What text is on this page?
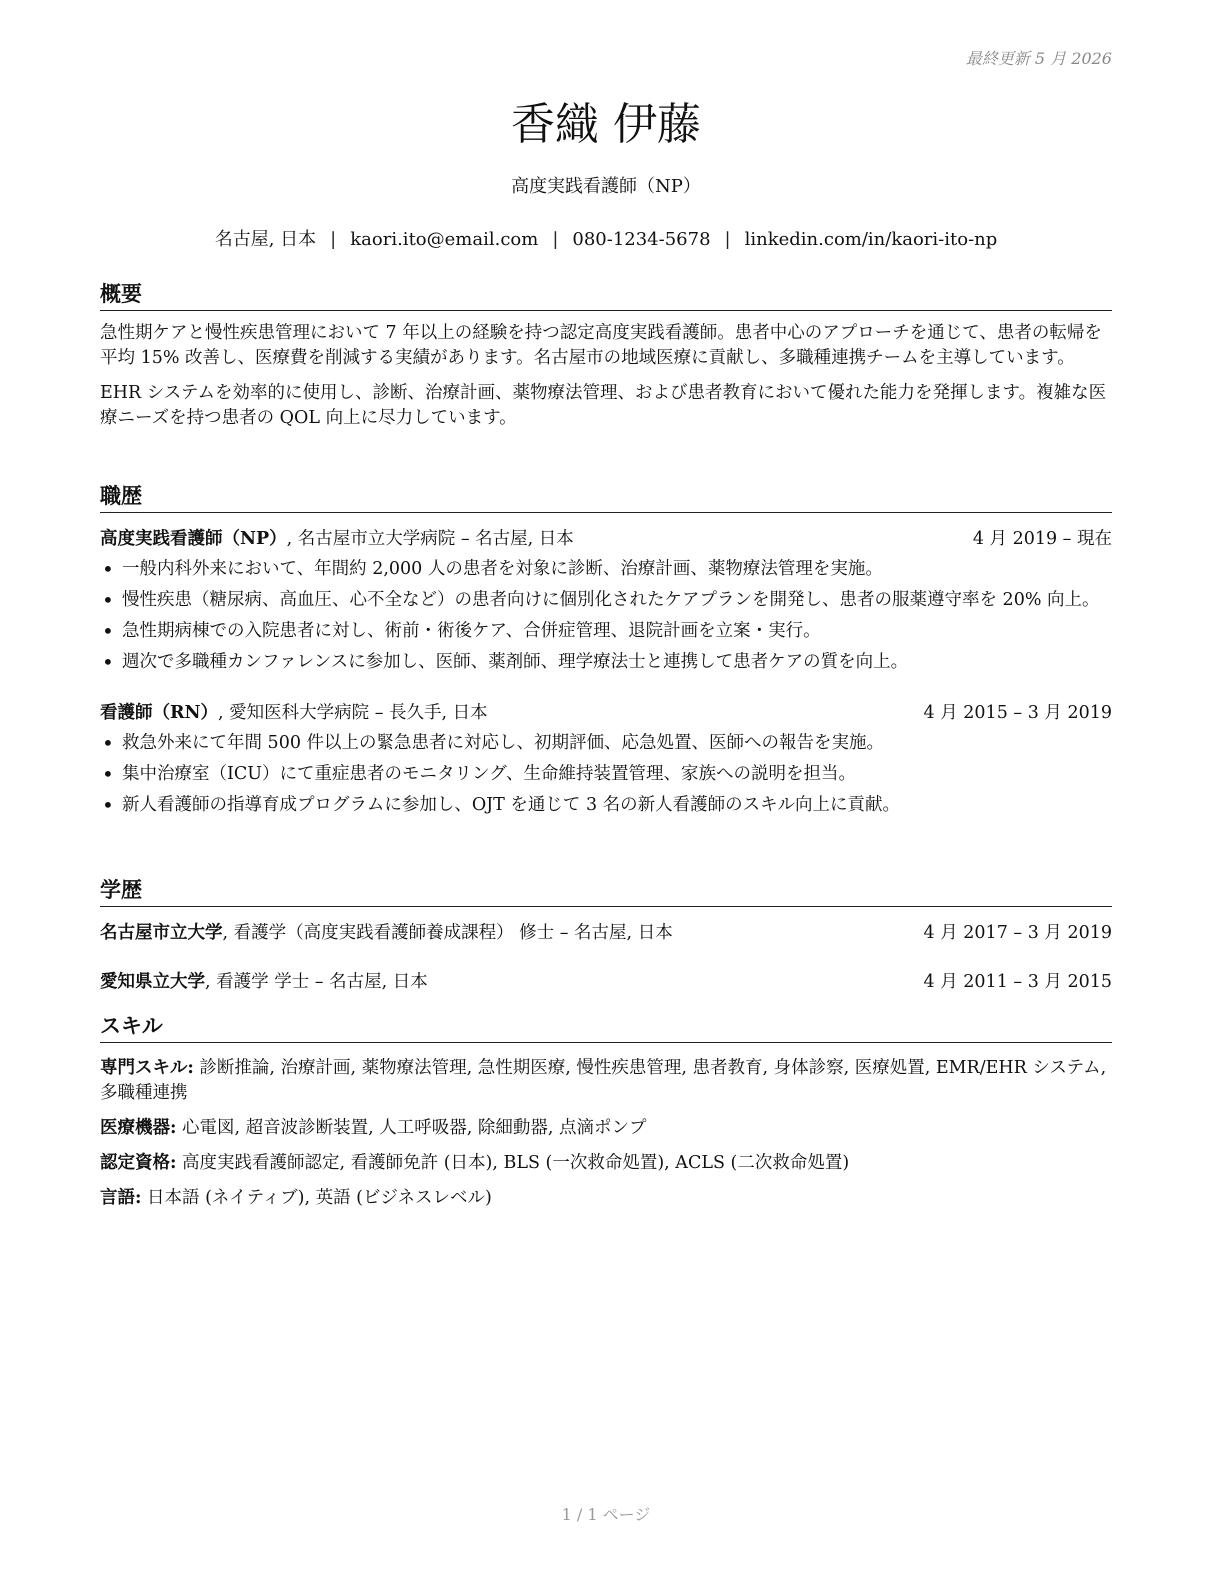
最終更新 5 月 2026
香織 伊藤
高度実践看護師（NP）
名古屋, 日本 | kaori.ito@email.com | 080-1234-5678 | linkedin.com/in/kaori-ito-np
概要

急性期ケアと慢性疾患管理において 7 年以上の経験を持つ認定高度実践看護師。患者中心のアプローチを通じて、患者の転帰を平均 15% 改善し、医療費を削減する実績があります。名古屋市の地域医療に貢献し、多職種連携チームを主導しています。

EHR システムを効率的に使用し、診断、治療計画、薬物療法管理、および患者教育において優れた能力を発揮します。複雑な医療ニーズを持つ患者の QOL 向上に尽力しています。

職歴
高度実践看護師（NP）, 名古屋市立大学病院 – 名古屋, 日本	4 月 2019 – 現在
• 一般内科外来において、年間約 2,000 人の患者を対象に診断、治療計画、薬物療法管理を実施。
• 慢性疾患（糖尿病、高血圧、心不全など）の患者向けに個別化されたケアプランを開発し、患者の服薬遵守率を 20% 向上。
• 急性期病棟での入院患者に対し、術前・術後ケア、合併症管理、退院計画を立案・実行。
• 週次で多職種カンファレンスに参加し、医師、薬剤師、理学療法士と連携して患者ケアの質を向上。
看護師（RN）, 愛知医科大学病院 – 長久手, 日本	4 月 2015 – 3 月 2019
• 救急外来にて年間 500 件以上の緊急患者に対応し、初期評価、応急処置、医師への報告を実施。
• 集中治療室（ICU）にて重症患者のモニタリング、生命維持装置管理、家族への説明を担当。
• 新人看護師の指導育成プログラムに参加し、OJT を通じて 3 名の新人看護師のスキル向上に貢献。
学歴
名古屋市立大学, 看護学（高度実践看護師養成課程） 修士 – 名古屋, 日本	4 月 2017 – 3 月 2019
愛知県立大学, 看護学 学士 – 名古屋, 日本	4 月 2011 – 3 月 2015
スキル

専門スキル: 診断推論, 治療計画, 薬物療法管理, 急性期医療, 慢性疾患管理, 患者教育, 身体診察, 医療処置, EMR/EHR システム, 多職種連携

医療機器: 心電図, 超音波診断装置, 人工呼吸器, 除細動器, 点滴ポンプ

認定資格: 高度実践看護師認定, 看護師免許 (日本), BLS (一次救命処置), ACLS (二次救命処置)

言語: 日本語 (ネイティブ), 英語 (ビジネスレベル)

1 / 1 ページ
